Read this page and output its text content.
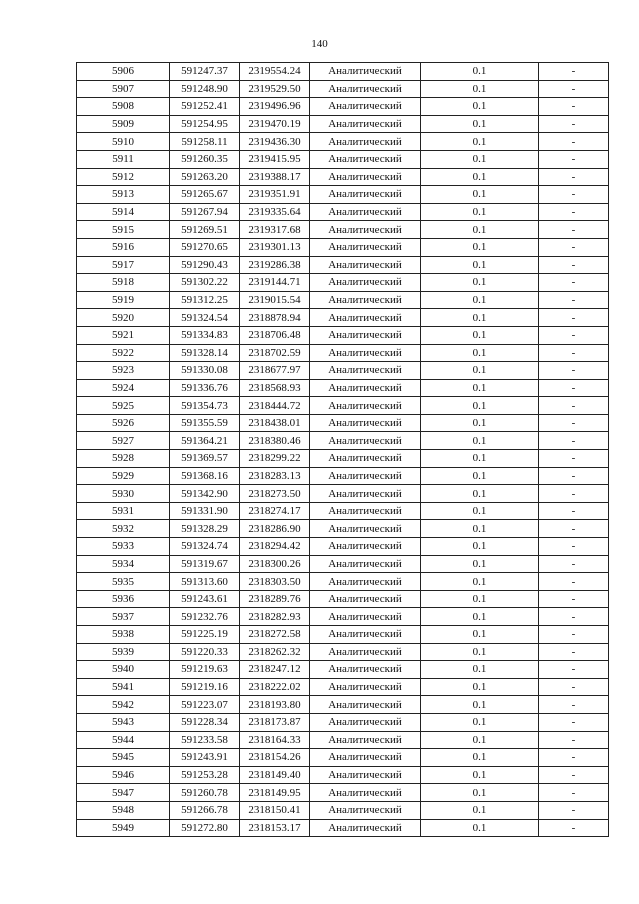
140
5906	591247.37	2319554.24	Аналитический	0.1	-
5907	591248.90	2319529.50	Аналитический	0.1	-
5908	591252.41	2319496.96	Аналитический	0.1	-
5909	591254.95	2319470.19	Аналитический	0.1	-
5910	591258.11	2319436.30	Аналитический	0.1	-
5911	591260.35	2319415.95	Аналитический	0.1	-
5912	591263.20	2319388.17	Аналитический	0.1	-
5913	591265.67	2319351.91	Аналитический	0.1	-
5914	591267.94	2319335.64	Аналитический	0.1	-
5915	591269.51	2319317.68	Аналитический	0.1	-
5916	591270.65	2319301.13	Аналитический	0.1	-
5917	591290.43	2319286.38	Аналитический	0.1	-
5918	591302.22	2319144.71	Аналитический	0.1	-
5919	591312.25	2319015.54	Аналитический	0.1	-
5920	591324.54	2318878.94	Аналитический	0.1	-
5921	591334.83	2318706.48	Аналитический	0.1	-
5922	591328.14	2318702.59	Аналитический	0.1	-
5923	591330.08	2318677.97	Аналитический	0.1	-
5924	591336.76	2318568.93	Аналитический	0.1	-
5925	591354.73	2318444.72	Аналитический	0.1	-
5926	591355.59	2318438.01	Аналитический	0.1	-
5927	591364.21	2318380.46	Аналитический	0.1	-
5928	591369.57	2318299.22	Аналитический	0.1	-
5929	591368.16	2318283.13	Аналитический	0.1	-
5930	591342.90	2318273.50	Аналитический	0.1	-
5931	591331.90	2318274.17	Аналитический	0.1	-
5932	591328.29	2318286.90	Аналитический	0.1	-
5933	591324.74	2318294.42	Аналитический	0.1	-
5934	591319.67	2318300.26	Аналитический	0.1	-
5935	591313.60	2318303.50	Аналитический	0.1	-
5936	591243.61	2318289.76	Аналитический	0.1	-
5937	591232.76	2318282.93	Аналитический	0.1	-
5938	591225.19	2318272.58	Аналитический	0.1	-
5939	591220.33	2318262.32	Аналитический	0.1	-
5940	591219.63	2318247.12	Аналитический	0.1	-
5941	591219.16	2318222.02	Аналитический	0.1	-
5942	591223.07	2318193.80	Аналитический	0.1	-
5943	591228.34	2318173.87	Аналитический	0.1	-
5944	591233.58	2318164.33	Аналитический	0.1	-
5945	591243.91	2318154.26	Аналитический	0.1	-
5946	591253.28	2318149.40	Аналитический	0.1	-
5947	591260.78	2318149.95	Аналитический	0.1	-
5948	591266.78	2318150.41	Аналитический	0.1	-
5949	591272.80	2318153.17	Аналитический	0.1	-
